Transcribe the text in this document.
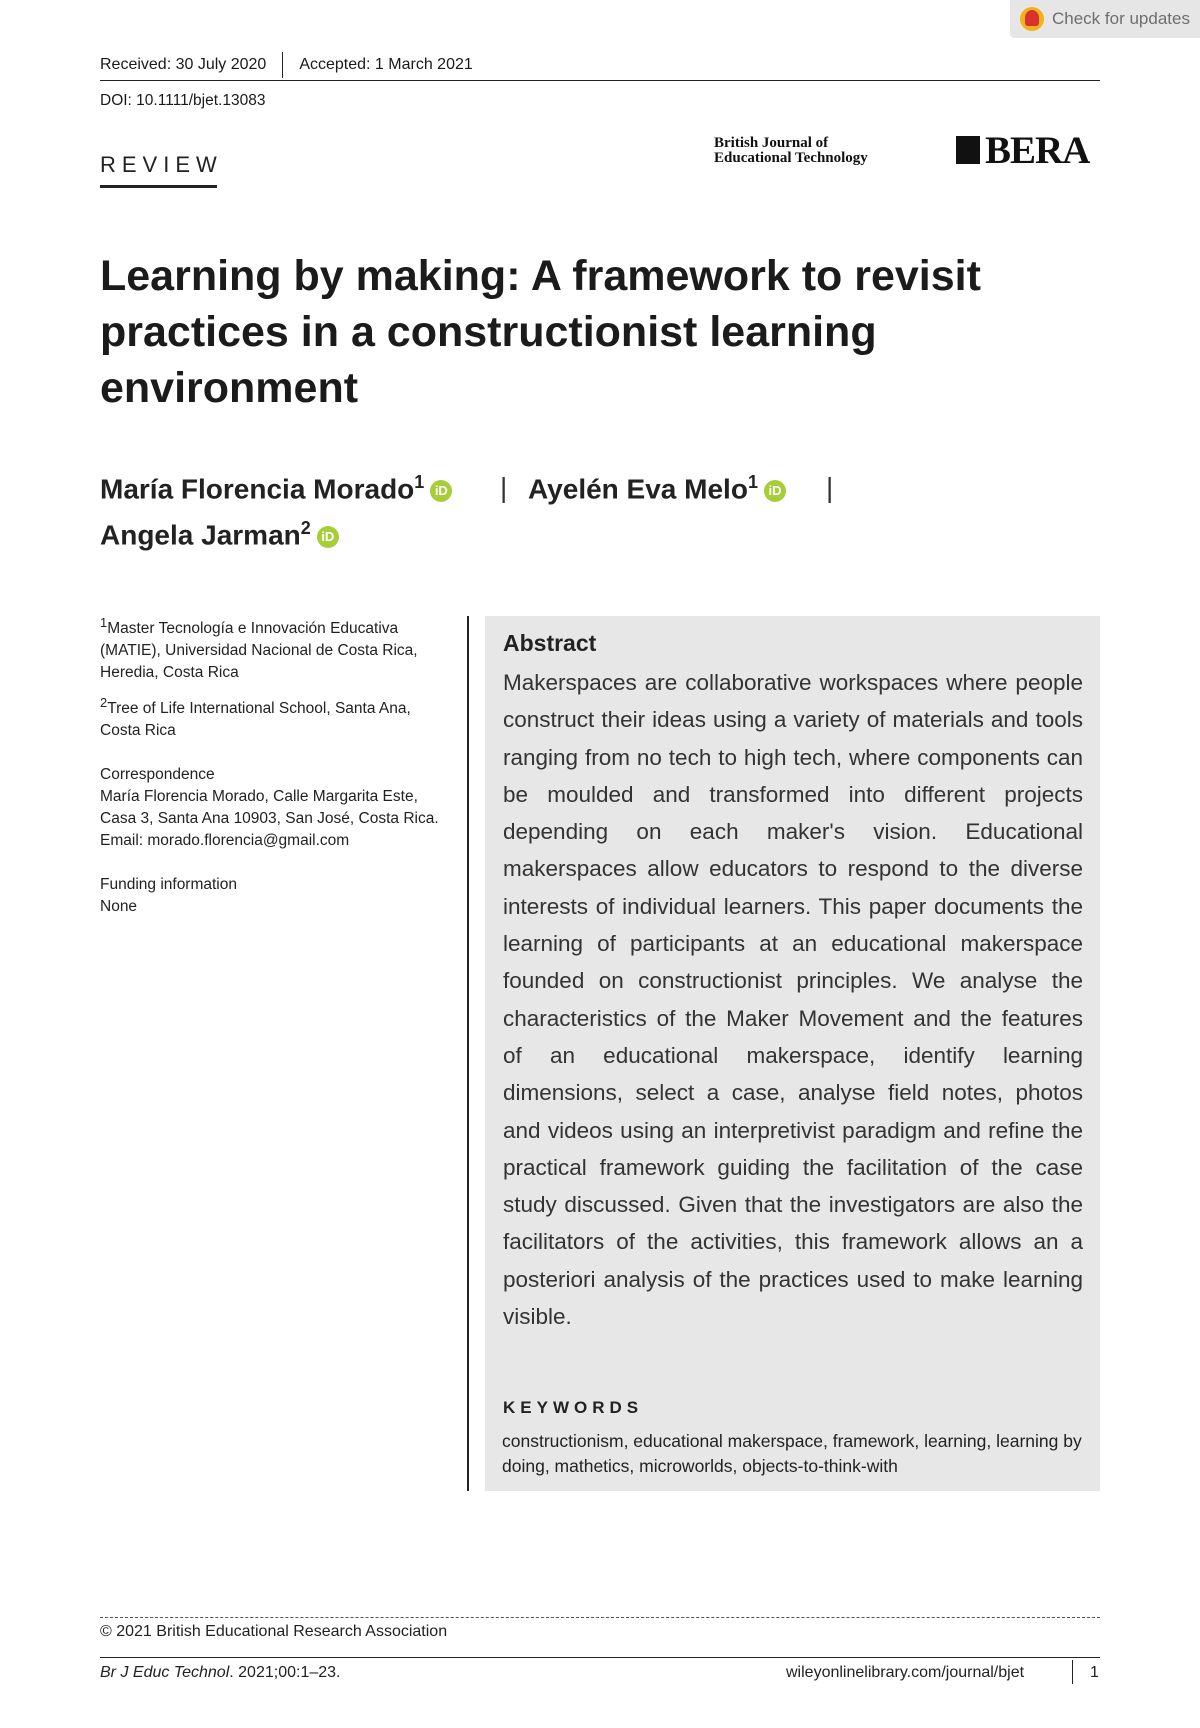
Check for updates
Received: 30 July 2020 Accepted: 1 March 2021
DOI: 10.1111/bjet.13083
REVIEW
British Journal of
Educational Technology	BERA
Learning by making: A framework to revisit practices in a constructionist learning environment
María Florencia Morado$^1$ iD | Ayelén Eva Melo$^1$ iD |
Angela Jarman$^2$ iD

$^1$Master Tecnología e Innovación Educativa (MATIE), Universidad Nacional de Costa Rica, Heredia, Costa Rica

$^2$Tree of Life International School, Santa Ana, Costa Rica

Correspondence

María Florencia Morado, Calle Margarita Este, Casa 3, Santa Ana 10903, San José, Costa Rica.

Email: morado.florencia@gmail.com

Funding information

None

Abstract

Makerspaces are collaborative workspaces where people construct their ideas using a variety of materials and tools ranging from no tech to high tech, where components can be moulded and transformed into different projects depending on each maker's vision. Educational makerspaces allow educators to respond to the diverse interests of individual learners. This paper documents the learning of participants at an educational makerspace founded on constructionist principles. We analyse the characteristics of the Maker Movement and the features of an educational makerspace, identify learning dimensions, select a case, analyse field notes, photos and videos using an interpretivist paradigm and refine the practical framework guiding the facilitation of the case study discussed. Given that the investigators are also the facilitators of the activities, this framework allows an a posteriori analysis of the practices used to make learning visible.

KEYWORDS

constructionism, educational makerspace, framework, learning, learning by doing, mathetics, microworlds, objects-to-think-with

© 2021 British Educational Research Association
Br J Educ Technol. 2021;00:1–23.	wileyonlinelibrary.com/journal/bjet	1
